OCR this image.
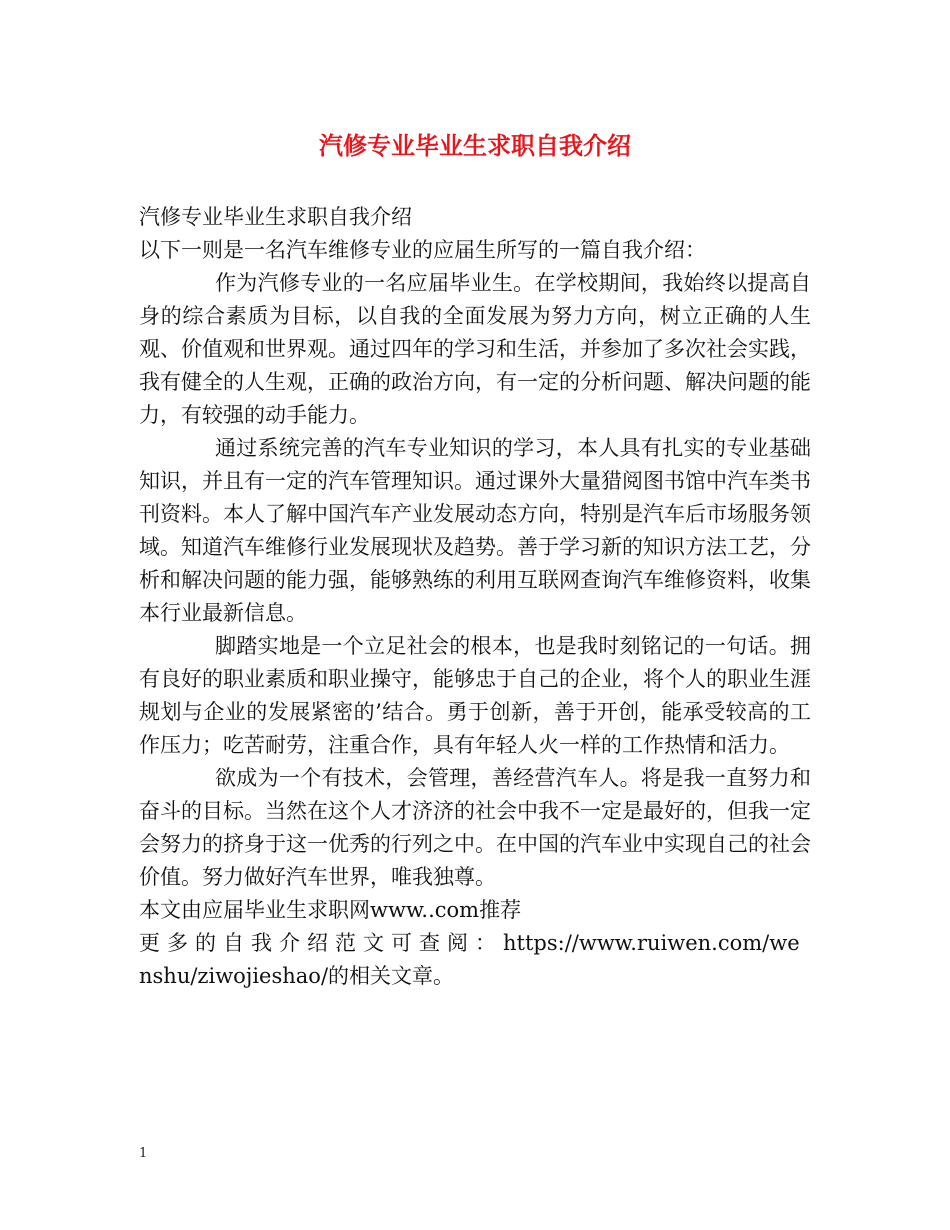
汽修专业毕业生求职自我介绍

汽修专业毕业生求职自我介绍

以下一则是一名汽车维修专业的应届生所写的一篇自我介绍：

作为汽修专业的一名应届毕业生。在学校期间，我始终以提高自身的综合素质为目标，以自我的全面发展为努力方向，树立正确的人生观、价值观和世界观。通过四年的学习和生活，并参加了多次社会实践，我有健全的人生观，正确的政治方向，有一定的分析问题、解决问题的能力，有较强的动手能力。

通过系统完善的汽车专业知识的学习，本人具有扎实的专业基础知识，并且有一定的汽车管理知识。通过课外大量猎阅图书馆中汽车类书刊资料。本人了解中国汽车产业发展动态方向，特别是汽车后市场服务领域。知道汽车维修行业发展现状及趋势。善于学习新的知识方法工艺，分析和解决问题的能力强，能够熟练的利用互联网查询汽车维修资料，收集本行业最新信息。

脚踏实地是一个立足社会的根本，也是我时刻铭记的一句话。拥有良好的职业素质和职业操守，能够忠于自己的企业，将个人的职业生涯规划与企业的发展紧密的’结合。勇于创新，善于开创，能承受较高的工作压力；吃苦耐劳，注重合作，具有年轻人火一样的工作热情和活力。

欲成为一个有技术，会管理，善经营汽车人。将是我一直努力和奋斗的目标。当然在这个人才济济的社会中我不一定是最好的，但我一定会努力的挤身于这一优秀的行列之中。在中国的汽车业中实现自己的社会价值。努力做好汽车世界，唯我独尊。

本文由应届毕业生求职网www..com推荐

更多的自我介绍范文可查阅：https://www.ruiwen.com/wenshu/ziwojieshao/的相关文章。

1
